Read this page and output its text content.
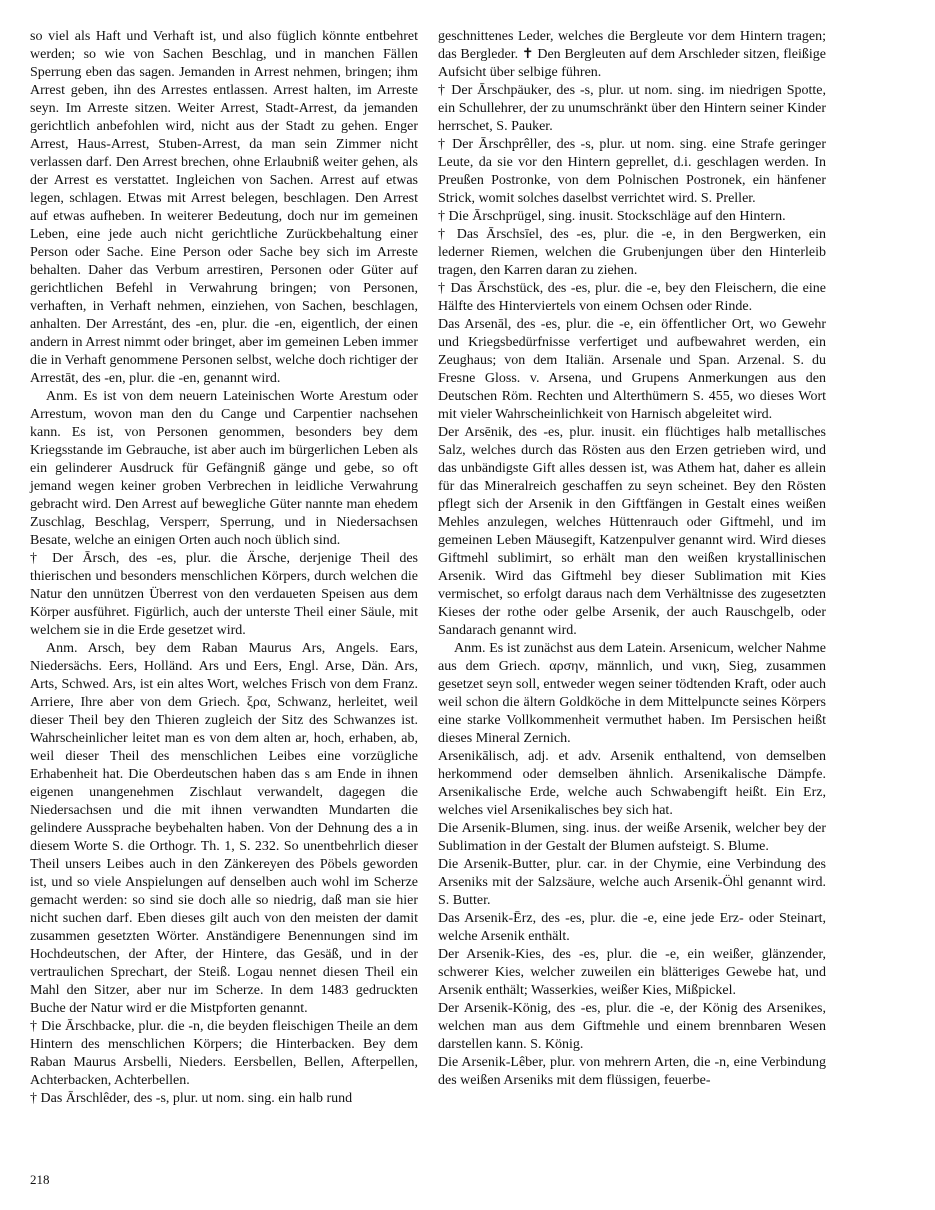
so viel als Haft und Verhaft ist, und also füglich könnte entbehret werden; so wie von Sachen Beschlag, und in manchen Fällen Sperrung eben das sagen. Jemanden in Arrest nehmen, bringen; ihm Arrest geben, ihn des Arrestes entlassen. Arrest halten, im Arreste seyn. Im Arreste sitzen. Weiter Arrest, Stadt-Arrest, da jemanden gerichtlich anbefohlen wird, nicht aus der Stadt zu gehen. Enger Arrest, Haus-Arrest, Stuben-Arrest, da man sein Zimmer nicht verlassen darf. Den Arrest brechen, ohne Erlaubniß weiter gehen, als der Arrest es verstattet. Ingleichen von Sachen. Arrest auf etwas legen, schlagen. Etwas mit Arrest belegen, beschlagen. Den Arrest auf etwas aufheben. In weiterer Bedeutung, doch nur im gemeinen Leben, eine jede auch nicht gerichtliche Zurückbehaltung einer Person oder Sache. Eine Person oder Sache bey sich im Arreste behalten. Daher das Verbum arrestiren, Personen oder Güter auf gerichtlichen Befehl in Verwahrung bringen; von Personen, verhaften, in Verhaft nehmen, einziehen, von Sachen, beschlagen, anhalten. Der Arrestánt, des -en, plur. die -en, eigentlich, der einen andern in Arrest nimmt oder bringet, aber im gemeinen Leben immer die in Verhaft genommene Personen selbst, welche doch richtiger der Arrestāt, des -en, plur. die -en, genannt wird.

Anm. Es ist von dem neuern Lateinischen Worte Arestum oder Arrestum, wovon man den du Cange und Carpentier nachsehen kann. Es ist, von Personen genommen, besonders bey dem Kriegsstande im Gebrauche, ist aber auch im bürgerlichen Leben als ein gelinderer Ausdruck für Gefängniß gänge und gebe, so oft jemand wegen keiner groben Verbrechen in leidliche Verwahrung gebracht wird. Den Arrest auf bewegliche Güter nannte man ehedem Zuschlag, Beschlag, Versperr, Sperrung, und in Niedersachsen Besate, welche an einigen Orten auch noch üblich sind.

† Der Ārsch, des -es, plur. die Ärsche, derjenige Theil des thierischen und besonders menschlichen Körpers, durch welchen die Natur den unnützen Überrest von den verdaueten Speisen aus dem Körper ausführet. Figürlich, auch der unterste Theil einer Säule, mit welchem sie in die Erde gesetzet wird.

Anm. Arsch, bey dem Raban Maurus Ars, Angels. Ears, Niedersächs. Eers, Holländ. Ars und Eers, Engl. Arse, Dän. Ars, Arts, Schwed. Ars, ist ein altes Wort, welches Frisch von dem Franz. Arriere, Ihre aber von dem Griech. ξρα, Schwanz, herleitet, weil dieser Theil bey den Thieren zugleich der Sitz des Schwanzes ist. Wahrscheinlicher leitet man es von dem alten ar, hoch, erhaben, ab, weil dieser Theil des menschlichen Leibes eine vorzügliche Erhabenheit hat. Die Oberdeutschen haben das s am Ende in ihnen eigenen unangenehmen Zischlaut verwandelt, dagegen die Niedersachsen und die mit ihnen verwandten Mundarten die gelindere Aussprache beybehalten haben. Von der Dehnung des a in diesem Worte S. die Orthogr. Th. 1, S. 232. So unentbehrlich dieser Theil unsers Leibes auch in den Zänkereyen des Pöbels geworden ist, und so viele Anspielungen auf denselben auch wohl im Scherze gemacht werden: so sind sie doch alle so niedrig, daß man sie hier nicht suchen darf. Eben dieses gilt auch von den meisten der damit zusammen gesetzten Wörter. Anständigere Benennungen sind im Hochdeutschen, der After, der Hintere, das Gesäß, und in der vertraulichen Sprechart, der Steiß. Logau nennet diesen Theil ein Mahl den Sitzer, aber nur im Scherze. In dem 1483 gedruckten Buche der Natur wird er die Mistpforten genannt.

† Die Ārschbacke, plur. die -n, die beyden fleischigen Theile an dem Hintern des menschlichen Körpers; die Hinterbacken. Bey dem Raban Maurus Arsbelli, Nieders. Eersbellen, Bellen, Afterpellen, Achterbacken, Achterbellen.

† Das Ārschlêder, des -s, plur. ut nom. sing. ein halb rund

geschnittenes Leder, welches die Bergleute vor dem Hintern tragen; das Bergleder. ✝ Den Bergleuten auf dem Arschleder sitzen, fleißige Aufsicht über selbige führen.

† Der Ārschpäuker, des -s, plur. ut nom. sing. im niedrigen Spotte, ein Schullehrer, der zu unumschränkt über den Hintern seiner Kinder herrschet, S. Pauker.

† Der Ārschprêller, des -s, plur. ut nom. sing. eine Strafe geringer Leute, da sie vor den Hintern geprellet, d.i. geschlagen werden. In Preußen Postronke, von dem Polnischen Postronek, ein hänfener Strick, womit solches daselbst verrichtet wird. S. Preller.

† Die Ārschprügel, sing. inusit. Stockschläge auf den Hintern.

† Das Ārschsīel, des -es, plur. die -e, in den Bergwerken, ein lederner Riemen, welchen die Grubenjungen über den Hinterleib tragen, den Karren daran zu ziehen.

† Das Ārschstück, des -es, plur. die -e, bey den Fleischern, die eine Hälfte des Hinterviertels von einem Ochsen oder Rinde.

Das Arsenāl, des -es, plur. die -e, ein öffentlicher Ort, wo Gewehr und Kriegsbedürfnisse verfertiget und aufbewahret werden, ein Zeughaus; von dem Italiän. Arsenale und Span. Arzenal. S. du Fresne Gloss. v. Arsena, und Grupens Anmerkungen aus den Deutschen Röm. Rechten und Alterthümern S. 455, wo dieses Wort mit vieler Wahrscheinlichkeit von Harnisch abgeleitet wird.

Der Arsēnik, des -es, plur. inusit. ein flüchtiges halb metallisches Salz, welches durch das Rösten aus den Erzen getrieben wird, und das unbändigste Gift alles dessen ist, was Athem hat, daher es allein für das Mineralreich geschaffen zu seyn scheinet. Bey den Rösten pflegt sich der Arsenik in den Giftfängen in Gestalt eines weißen Mehles anzulegen, welches Hüttenrauch oder Giftmehl, und im gemeinen Leben Mäusegift, Katzenpulver genannt wird. Wird dieses Giftmehl sublimirt, so erhält man den weißen krystallinischen Arsenik. Wird das Giftmehl bey dieser Sublimation mit Kies vermischet, so erfolgt daraus nach dem Verhältnisse des zugesetzten Kieses der rothe oder gelbe Arsenik, der auch Rauschgelb, oder Sandarach genannt wird.

Anm. Es ist zunächst aus dem Latein. Arsenicum, welcher Nahme aus dem Griech. αρσην, männlich, und νικη, Sieg, zusammen gesetzet seyn soll, entweder wegen seiner tödtenden Kraft, oder auch weil schon die ältern Goldköche in dem Mittelpuncte seines Körpers eine starke Vollkommenheit vermuthet haben. Im Persischen heißt dieses Mineral Zernich.

Arsenikālisch, adj. et adv. Arsenik enthaltend, von demselben herkommend oder demselben ähnlich. Arsenikalische Dämpfe. Arsenikalische Erde, welche auch Schwabengift heißt. Ein Erz, welches viel Arsenikalisches bey sich hat.

Die Arsenik-Blumen, sing. inus. der weiße Arsenik, welcher bey der Sublimation in der Gestalt der Blumen aufsteigt. S. Blume.

Die Arsenik-Butter, plur. car. in der Chymie, eine Verbindung des Arseniks mit der Salzsäure, welche auch Arsenik-Öhl genannt wird. S. Butter.

Das Arsenik-Ērz, des -es, plur. die -e, eine jede Erz- oder Steinart, welche Arsenik enthält.

Der Arsenik-Kies, des -es, plur. die -e, ein weißer, glänzender, schwerer Kies, welcher zuweilen ein blätteriges Gewebe hat, und Arsenik enthält; Wasserkies, weißer Kies, Mißpickel.

Der Arsenik-König, des -es, plur. die -e, der König des Arsenikes, welchen man aus dem Giftmehle und einem brennbaren Wesen darstellen kann. S. König.

Die Arsenik-Lêber, plur. von mehrern Arten, die -n, eine Verbindung des weißen Arseniks mit dem flüssigen, feuerbe-

218
